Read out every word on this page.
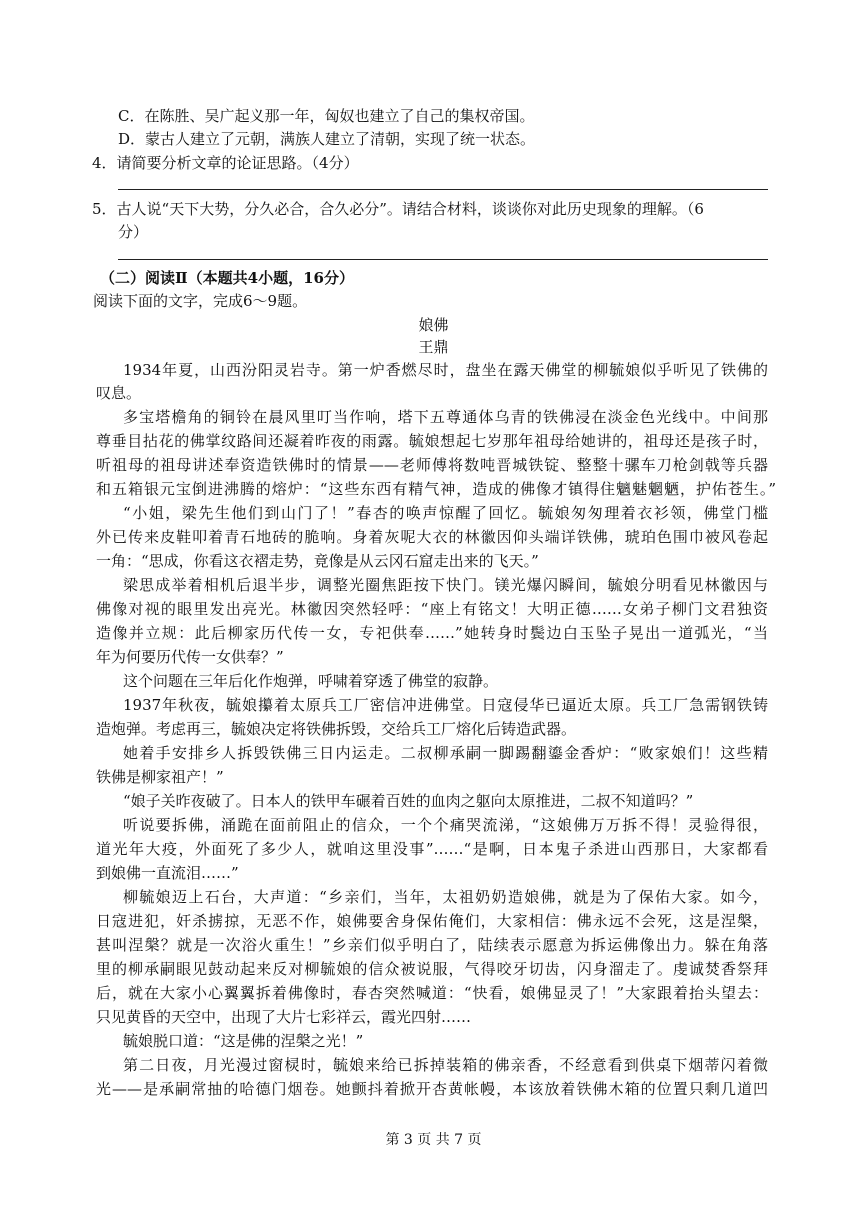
C．在陈胜、吴广起义那一年，匈奴也建立了自己的集权帝国。
D．蒙古人建立了元朝，满族人建立了清朝，实现了统一状态。
4．请简要分析文章的论证思路。（4分）
5．古人说“天下大势，分久必合，合久必分”。请结合材料，谈谈你对此历史现象的理解。（6
分）
（二）阅读Ⅱ（本题共4小题，16分）
阅读下面的文字，完成6～9题。
娘佛
王鼎
1934年夏，山西汾阳灵岩寺。第一炉香燃尽时，盘坐在露天佛堂的柳毓娘似乎听见了铁佛的
叹息。
多宝塔檐角的铜铃在晨风里叮当作响，塔下五尊通体乌青的铁佛浸在淡金色光线中。中间那
尊垂目拈花的佛掌纹路间还凝着昨夜的雨露。毓娘想起七岁那年祖母给她讲的，祖母还是孩子时，
听祖母的祖母讲述奉资造铁佛时的情景——老师傅将数吨晋城铁锭、整整十骡车刀枪剑戟等兵器
和五箱银元宝倒进沸腾的熔炉：“这些东西有精气神，造成的佛像才镇得住魑魅魍魉，护佑苍生。”
“小姐，梁先生他们到山门了！”春杏的唤声惊醒了回忆。毓娘匆匆理着衣衫领，佛堂门槛
外已传来皮鞋叩着青石地砖的脆响。身着灰呢大衣的林徽因仰头端详铁佛，琥珀色围巾被风卷起
一角：“思成，你看这衣褶走势，竟像是从云冈石窟走出来的飞天。”
梁思成举着相机后退半步，调整光圈焦距按下快门。镁光爆闪瞬间，毓娘分明看见林徽因与
佛像对视的眼里发出亮光。林徽因突然轻呼：“座上有铭文！大明正德……女弟子柳门文君独资
造像并立规：此后柳家历代传一女，专祀供奉……”她转身时鬓边白玉坠子晃出一道弧光，“当
年为何要历代传一女供奉？”
这个问题在三年后化作炮弹，呼啸着穿透了佛堂的寂静。
1937年秋夜，毓娘攥着太原兵工厂密信冲进佛堂。日寇侵华已逼近太原。兵工厂急需钢铁铸
造炮弹。考虑再三，毓娘决定将铁佛拆毁，交给兵工厂熔化后铸造武器。
她着手安排乡人拆毁铁佛三日内运走。二叔柳承嗣一脚踢翻鎏金香炉：“败家娘们！这些精
铁佛是柳家祖产！”
“娘子关昨夜破了。日本人的铁甲车碾着百姓的血肉之躯向太原推进，二叔不知道吗？”
听说要拆佛，涌跪在面前阻止的信众，一个个痛哭流涕，“这娘佛万万拆不得！灵验得很，
道光年大疫，外面死了多少人，就咱这里没事”……“是啊，日本鬼子杀进山西那日，大家都看
到娘佛一直流泪……”
柳毓娘迈上石台，大声道：“乡亲们，当年，太祖奶奶造娘佛，就是为了保佑大家。如今，
日寇进犯，奸杀掳掠，无恶不作，娘佛要舍身保佑俺们，大家相信：佛永远不会死，这是涅槃，
甚叫涅槃？就是一次浴火重生！”乡亲们似乎明白了，陆续表示愿意为拆运佛像出力。躲在角落
里的柳承嗣眼见鼓动起来反对柳毓娘的信众被说服，气得咬牙切齿，闪身溜走了。虔诚焚香祭拜
后，就在大家小心翼翼拆着佛像时，春杏突然喊道：“快看，娘佛显灵了！”大家跟着抬头望去：
只见黄昏的天空中，出现了大片七彩祥云，霞光四射……
毓娘脱口道：“这是佛的涅槃之光！”
第二日夜，月光漫过窗棂时，毓娘来给已拆掉装箱的佛亲香，不经意看到供桌下烟蒂闪着微
光——是承嗣常抽的哈德门烟卷。她颤抖着掀开杏黄帐幔，本该放着铁佛木箱的位置只剩几道凹
第 3 页 共 7 页
